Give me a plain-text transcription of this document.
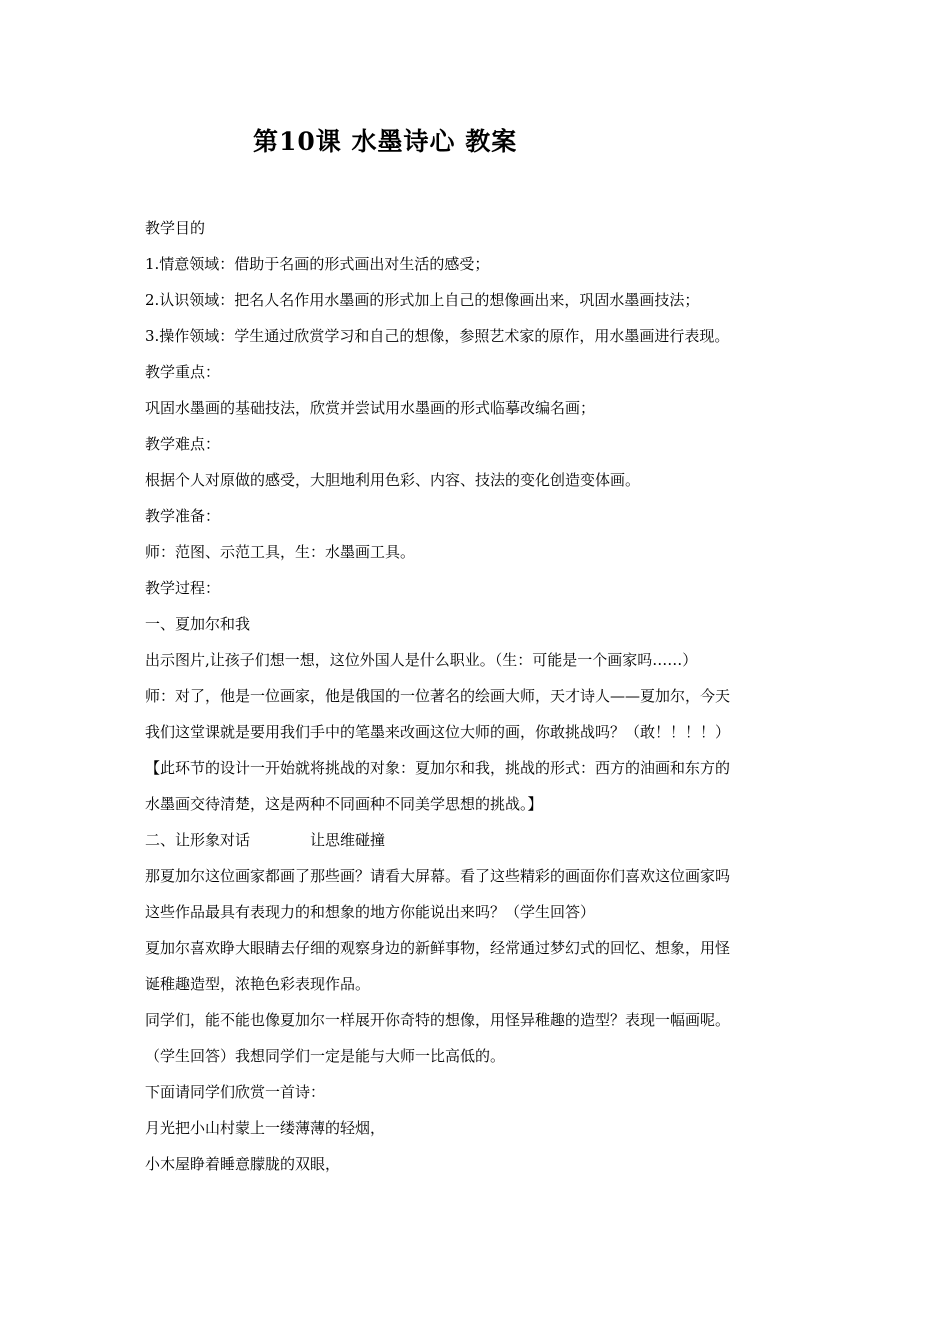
第10课 水墨诗心 教案
教学目的
1.情意领域：借助于名画的形式画出对生活的感受；
2.认识领域：把名人名作用水墨画的形式加上自己的想像画出来，巩固水墨画技法；
3.操作领域：学生通过欣赏学习和自己的想像，参照艺术家的原作，用水墨画进行表现。
教学重点：
巩固水墨画的基础技法，欣赏并尝试用水墨画的形式临摹改编名画；
教学难点：
根据个人对原做的感受，大胆地利用色彩、内容、技法的变化创造变体画。
教学准备：
师：范图、示范工具，生：水墨画工具。
教学过程：
一、夏加尔和我
出示图片,让孩子们想一想，这位外国人是什么职业。（生：可能是一个画家吗……）
师：对了，他是一位画家，他是俄国的一位著名的绘画大师，天才诗人——夏加尔，今天
我们这堂课就是要用我们手中的笔墨来改画这位大师的画，你敢挑战吗？（敢！！！！）
【此环节的设计一开始就将挑战的对象：夏加尔和我，挑战的形式：西方的油画和东方的
水墨画交待清楚，这是两种不同画种不同美学思想的挑战。】
二、让形象对话	让思维碰撞
那夏加尔这位画家都画了那些画？请看大屏幕。看了这些精彩的画面你们喜欢这位画家吗
这些作品最具有表现力的和想象的地方你能说出来吗？（学生回答）
夏加尔喜欢睁大眼睛去仔细的观察身边的新鲜事物，经常通过梦幻式的回忆、想象，用怪
诞稚趣造型，浓艳色彩表现作品。
同学们，能不能也像夏加尔一样展开你奇特的想像，用怪异稚趣的造型？表现一幅画呢。
（学生回答）我想同学们一定是能与大师一比高低的。
下面请同学们欣赏一首诗：
月光把小山村蒙上一缕薄薄的轻烟，
小木屋睁着睡意朦胧的双眼，
